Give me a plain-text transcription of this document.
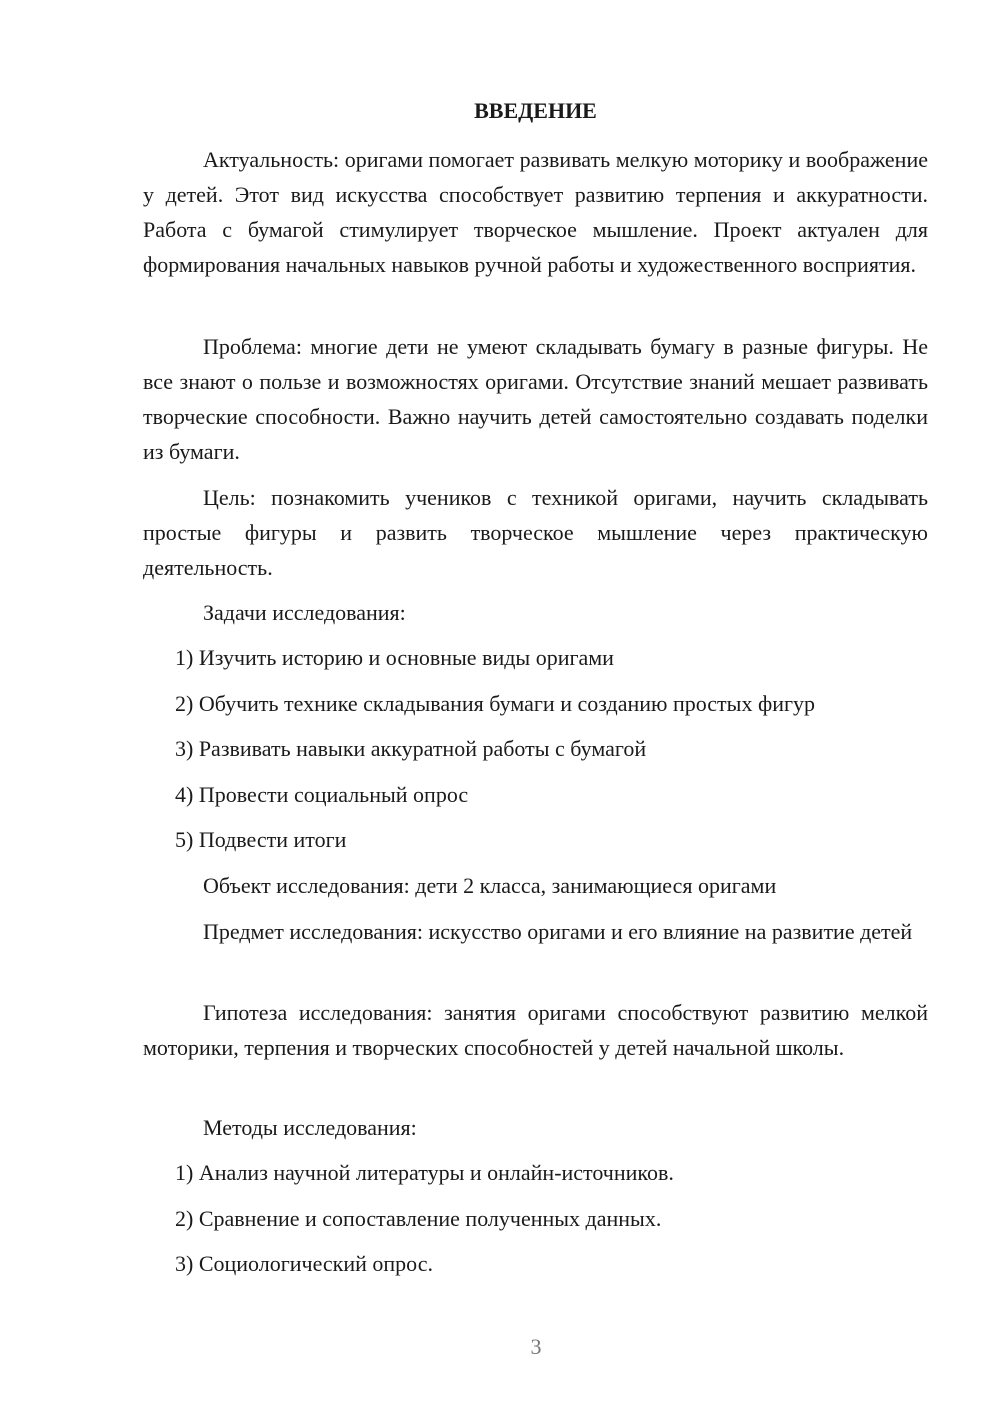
ВВЕДЕНИЕ

Актуальность: оригами помогает развивать мелкую моторику и воображение у детей. Этот вид искусства способствует развитию терпения и аккуратности. Работа с бумагой стимулирует творческое мышление. Проект актуален для формирования начальных навыков ручной работы и художественного восприятия.

Проблема: многие дети не умеют складывать бумагу в разные фигуры. Не все знают о пользе и возможностях оригами. Отсутствие знаний мешает развивать творческие способности. Важно научить детей самостоятельно создавать поделки из бумаги.

Цель: познакомить учеников с техникой оригами, научить складывать простые фигуры и развить творческое мышление через практическую деятельность.

Задачи исследования:

1) Изучить историю и основные виды оригами

2) Обучить технике складывания бумаги и созданию простых фигур

3) Развивать навыки аккуратной работы с бумагой

4) Провести социальный опрос

5) Подвести итоги

Объект исследования: дети 2 класса, занимающиеся оригами

Предмет исследования: искусство оригами и его влияние на развитие детей

Гипотеза исследования: занятия оригами способствуют развитию мелкой моторики, терпения и творческих способностей у детей начальной школы.

Методы исследования:

1) Анализ научной литературы и онлайн-источников.

2) Сравнение и сопоставление полученных данных.

3) Социологический опрос.

3
